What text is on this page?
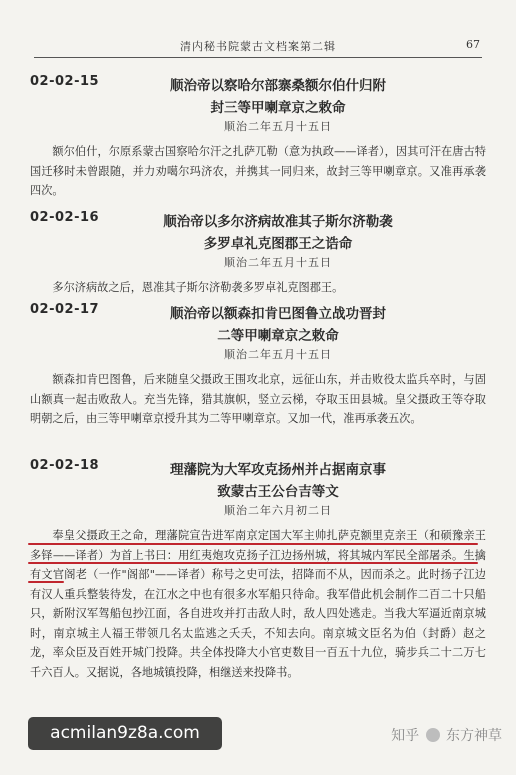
清内秘书院蒙古文档案第二辑	67
02-02-15	顺治帝以察哈尔部寨桑额尔伯什归附
封三等甲喇章京之敕命
顺治二年五月十五日
额尔伯什，尔原系蒙古国察哈尔汗之扎萨兀勒（意为执政——译者），因其可汗在唐古特国迁移时未曾跟随，并力劝噶尔玛济农，并携其一同归来，故封三等甲喇章京。又准再承袭四次。
02-02-16	顺治帝以多尔济病故准其子斯尔济勒袭
多罗卓礼克图郡王之诰命
顺治二年五月十五日
多尔济病故之后，恩准其子斯尔济勒袭多罗卓礼克图郡王。
02-02-17	顺治帝以额森扣肯巴图鲁立战功晋封
二等甲喇章京之敕命
顺治二年五月十五日
额森扣肯巴图鲁，后来随皇父摄政王围攻北京，远征山东，并击败役太监兵卒时，与固山额真一起击败敌人。充当先锋，猎其旗帜，竖立云梯，夺取玉田县城。皇父摄政王等夺取明朝之后，由三等甲喇章京授升其为二等甲喇章京。又加一代，准再承袭五次。
02-02-18	理藩院为大军攻克扬州并占据南京事
致蒙古王公台吉等文
顺治二年六月初二日
奉皇父摄政王之命，理藩院宣告进军南京定国大军主帅扎萨克额里克亲王（和硕豫亲王多铎——译者）为首上书曰：用红夷炮攻克扬子江边扬州城，将其城内军民全部屠杀。生擒有文官阁老（一作"阁部"——译者）称号之史可法，招降而不从，因而杀之。此时扬子江边有汉人重兵整装待发，在江水之中也有很多水军船只待命。我军借此机会制作二百二十只船只，新附汉军驾船包抄江面，各自进攻并打击敌人时，敌人四处逃走。当我大军逼近南京城时，南京城主人福王带领几名太监逃之夭夭，不知去向。南京城文臣名为伯（封爵）赵之龙，率众臣及百姓开城门投降。共全体投降大小官吏数目一百五十九位，骑步兵二十二万七千六百人。又据说，各地城镇投降，相继送来投降书。
acmilan9z8a.com	知乎 东方神草
